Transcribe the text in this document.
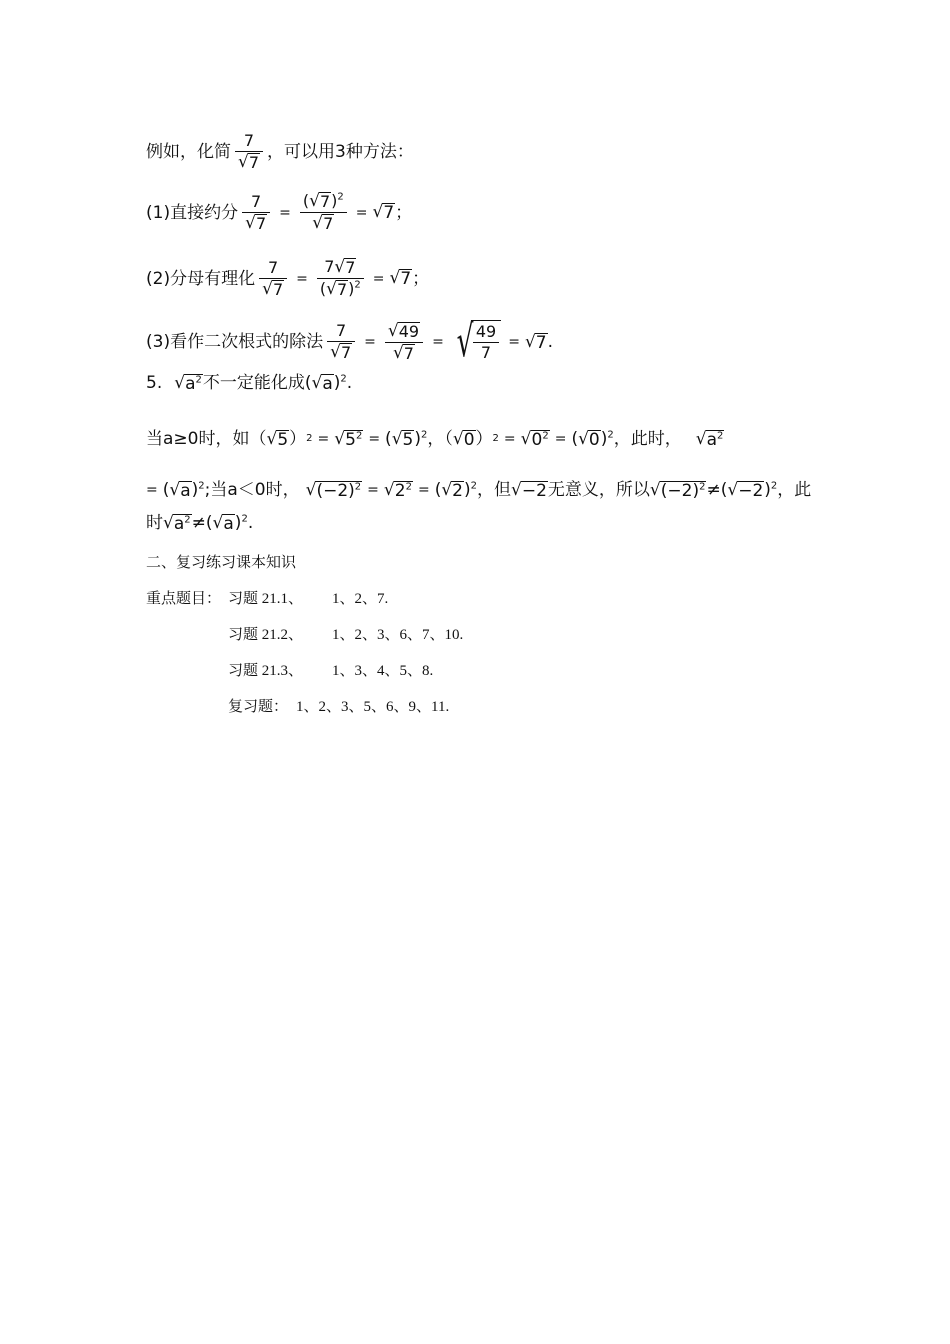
例如，化简 $\frac{7}{√ 7}$ ，可以用3种方法：
(1)直接约分 $\frac{7}{√ 7} = \frac{( √ 7 )^2}{√ 7}$ = √ 7 ；
(2)分母有理化 $\frac{7}{√ 7} = \frac{7 √ 7}{( √ 7 )^2}$ = √ 7 ；
(3)看作二次根式的除法 $\frac{7}{√ 7} = \frac{√ 49}{√ 7}$ = √ $\frac{49}{7}$ = √ 7 .
5. √ $a^2$ 不一定能化成 ( √ a )$^2$ .
当a≥0时，如（ √ 5 ） 2 = √ $5^2$ = ( √ 5 )$^2$ ，（ √ 0 ） 2 = √ $0^2$ = ( √ 0 )$^2$ ，此时， √ $a^2$
= ( √ a )$^2$; 当a＜0时， √ $(-2)^2$ = √ $2^2$ = ( √ 2 )$^2$ ，但 √ −2 无意义，所以 √ $(-2)^2$ ≠ ( √ −2 )$^2$ ，此
时 √ $a^2$ ≠ ( √ a )$^2$.
二、复习练习课本知识
重点题目： 习题 21.1、 1、2、7.
习题 21.2、 1、2、3、6、7、10.
习题 21.3、 1、3、4、5、8.
复习题： 1、2、3、5、6、9、11.
